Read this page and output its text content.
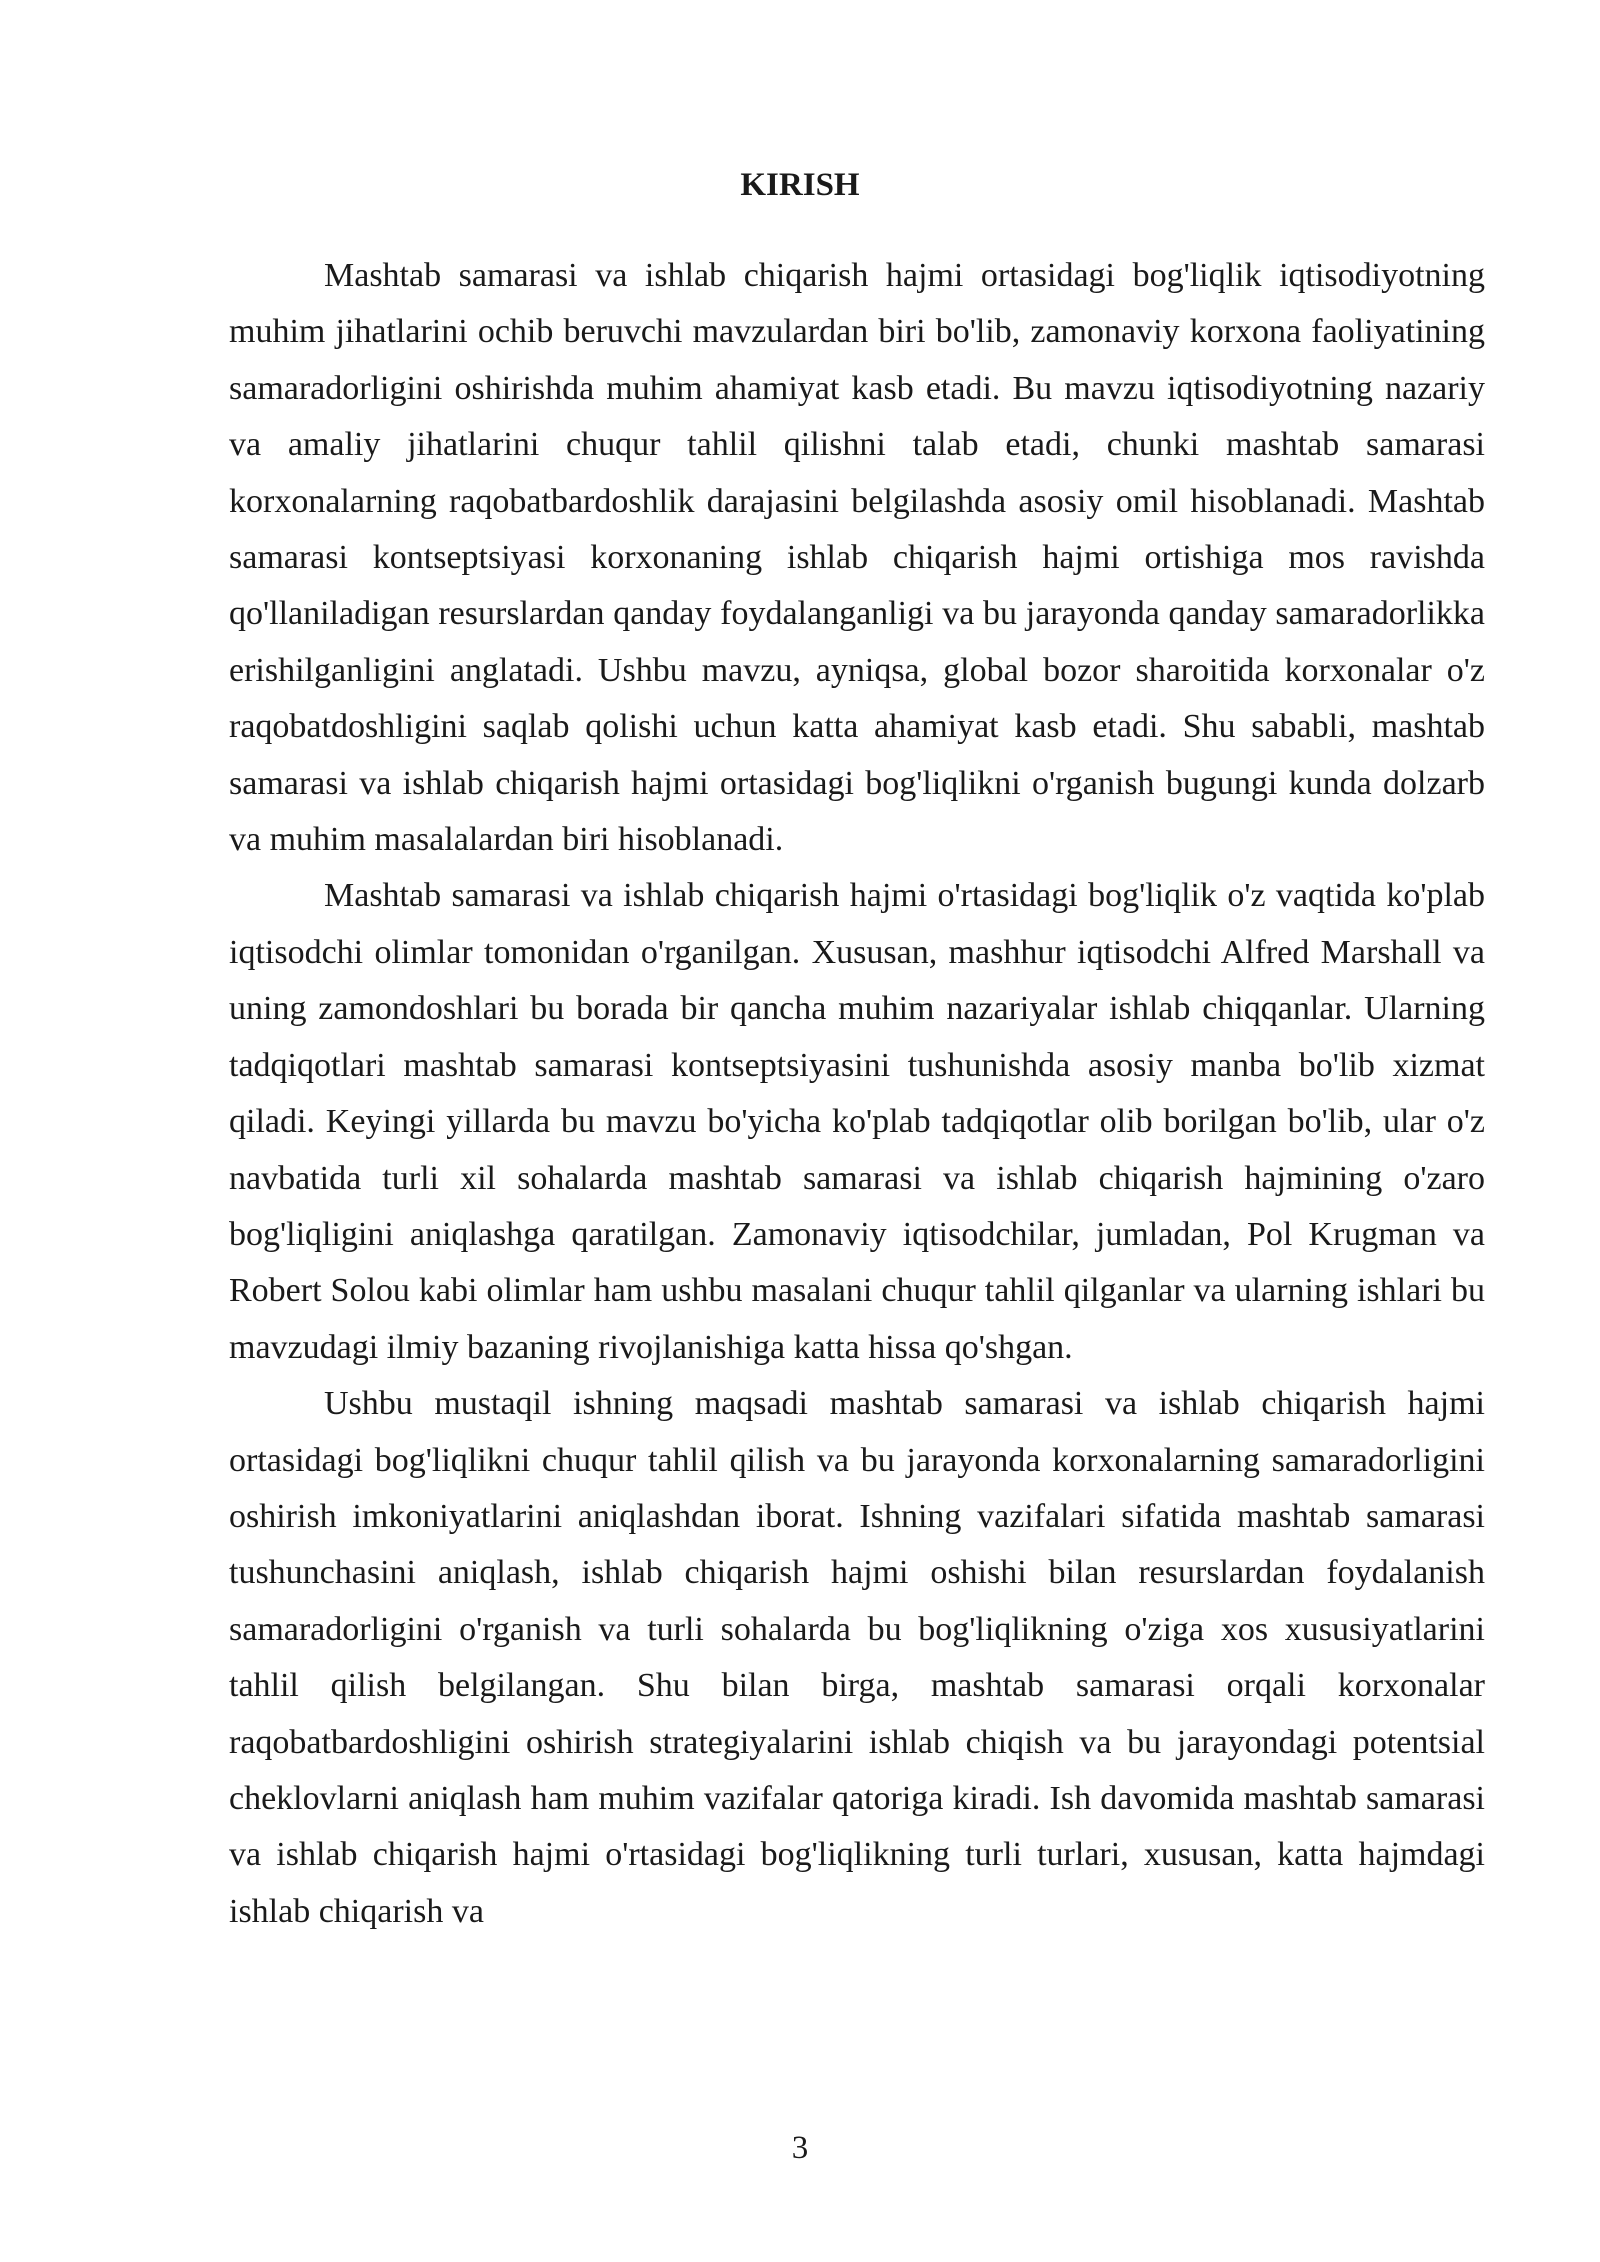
KIRISH

Mashtab samarasi va ishlab chiqarish hajmi ortasidagi bog'liqlik iqtisodiyotning muhim jihatlarini ochib beruvchi mavzulardan biri bo'lib, zamonaviy korxona faoliyatining samaradorligini oshirishda muhim ahamiyat kasb etadi. Bu mavzu iqtisodiyotning nazariy va amaliy jihatlarini chuqur tahlil qilishni talab etadi, chunki mashtab samarasi korxonalarning raqobatbardoshlik darajasini belgilashda asosiy omil hisoblanadi. Mashtab samarasi kontseptsiyasi korxonaning ishlab chiqarish hajmi ortishiga mos ravishda qo'llaniladigan resurslardan qanday foydalanganligi va bu jarayonda qanday samaradorlikka erishilganligini anglatadi. Ushbu mavzu, ayniqsa, global bozor sharoitida korxonalar o'z raqobatdoshligini saqlab qolishi uchun katta ahamiyat kasb etadi. Shu sababli, mashtab samarasi va ishlab chiqarish hajmi ortasidagi bog'liqlikni o'rganish bugungi kunda dolzarb va muhim masalalardan biri hisoblanadi.

Mashtab samarasi va ishlab chiqarish hajmi o'rtasidagi bog'liqlik o'z vaqtida ko'plab iqtisodchi olimlar tomonidan o'rganilgan. Xususan, mashhur iqtisodchi Alfred Marshall va uning zamondoshlari bu borada bir qancha muhim nazariyalar ishlab chiqqanlar. Ularning tadqiqotlari mashtab samarasi kontseptsiyasini tushunishda asosiy manba bo'lib xizmat qiladi. Keyingi yillarda bu mavzu bo'yicha ko'plab tadqiqotlar olib borilgan bo'lib, ular o'z navbatida turli xil sohalarda mashtab samarasi va ishlab chiqarish hajmining o'zaro bog'liqligini aniqlashga qaratilgan. Zamonaviy iqtisodchilar, jumladan, Pol Krugman va Robert Solou kabi olimlar ham ushbu masalani chuqur tahlil qilganlar va ularning ishlari bu mavzudagi ilmiy bazaning rivojlanishiga katta hissa qo'shgan.

Ushbu mustaqil ishning maqsadi mashtab samarasi va ishlab chiqarish hajmi ortasidagi bog'liqlikni chuqur tahlil qilish va bu jarayonda korxonalarning samaradorligini oshirish imkoniyatlarini aniqlashdan iborat. Ishning vazifalari sifatida mashtab samarasi tushunchasini aniqlash, ishlab chiqarish hajmi oshishi bilan resurslardan foydalanish samaradorligini o'rganish va turli sohalarda bu bog'liqlikning o'ziga xos xususiyatlarini tahlil qilish belgilangan. Shu bilan birga, mashtab samarasi orqali korxonalar raqobatbardoshligini oshirish strategiyalarini ishlab chiqish va bu jarayondagi potentsial cheklovlarni aniqlash ham muhim vazifalar qatoriga kiradi. Ish davomida mashtab samarasi va ishlab chiqarish hajmi o'rtasidagi bog'liqlikning turli turlari, xususan, katta hajmdagi ishlab chiqarish va

3
